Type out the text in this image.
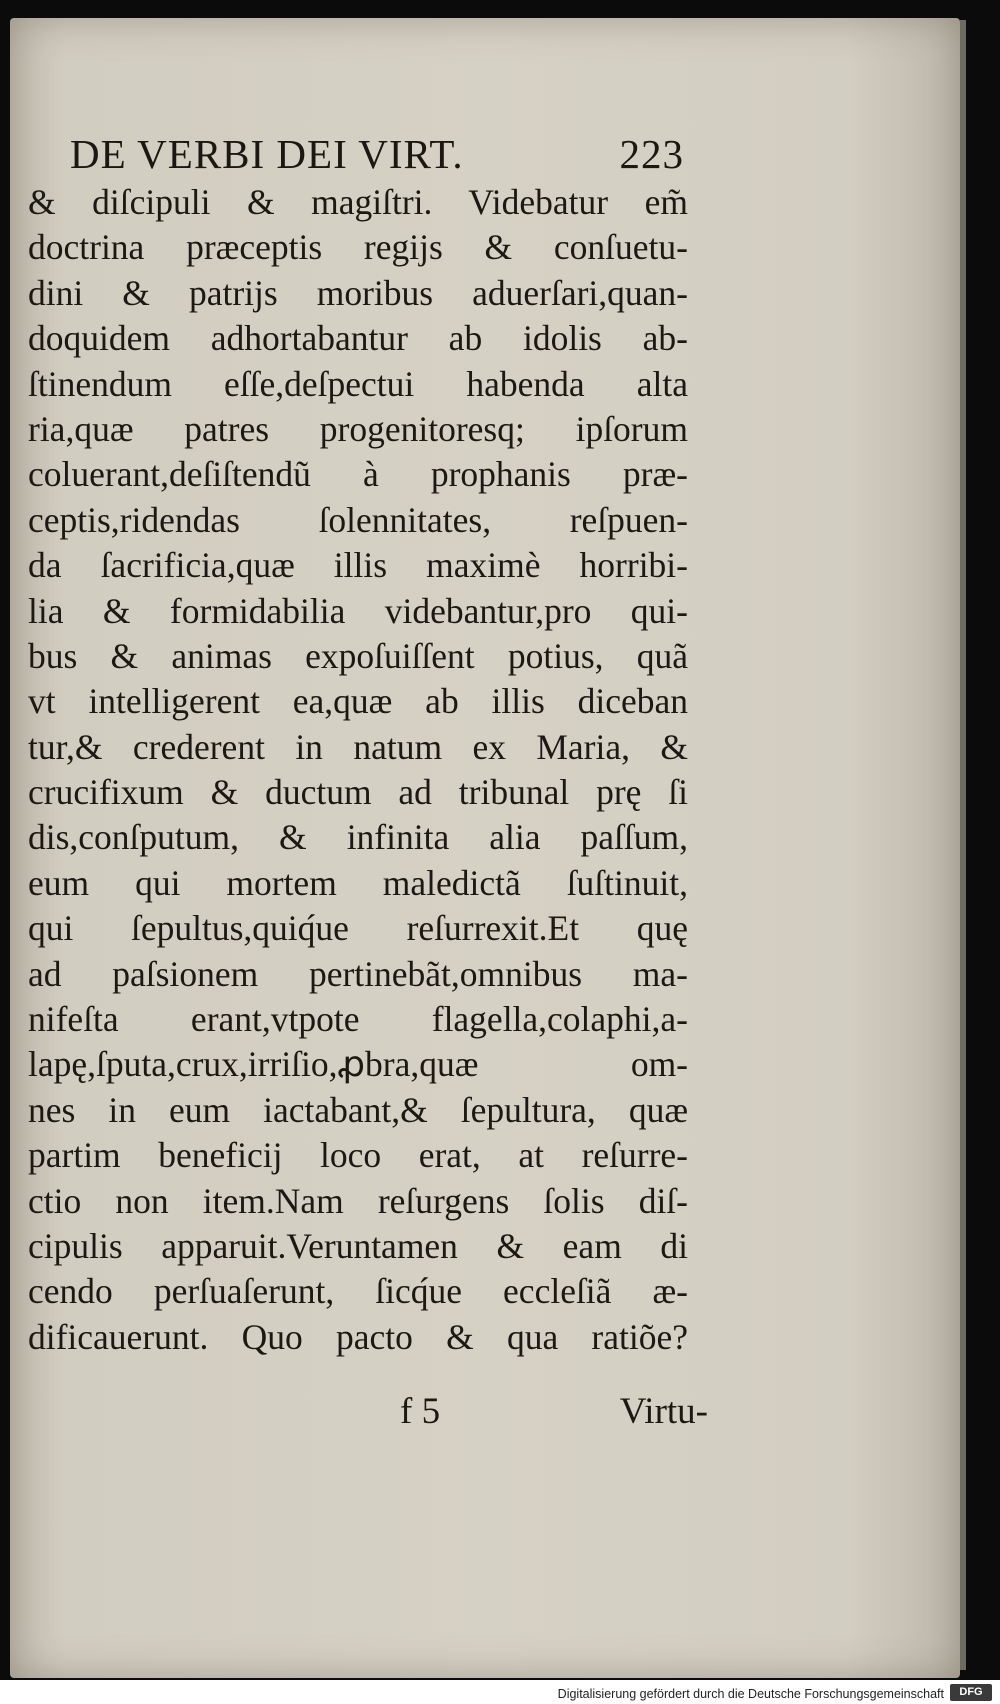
DE VERBI DEI VIRT.	223
& diſcipuli & magiſtri. Videbatur em̃
doctrina præceptis regijs & conſuetu-
dini & patrijs moribus aduerſari,quan-
doquidem adhortabantur ab idolis ab-
ſtinendum eſſe,deſpectui habenda alta
ria,quæ patres progenitoresq; ipſorum
coluerant,deſiſtendũ à prophanis præ-
ceptis,ridendas ſolennitates, reſpuen-
da ſacrificia,quæ illis maximè horribi-
lia & formidabilia videbantur,pro qui-
bus & animas expoſuiſſent potius, quã
vt intelligerent ea,quæ ab illis diceban
tur,& crederent in natum ex Maria, &
crucifixum & ductum ad tribunal prę ſi
dis,conſputum, & infinita alia paſſum,
eum qui mortem maledictã ſuſtinuit,
qui ſepultus,quiq́ue reſurrexit.Et quę
ad paſsionem pertinebãt,omnibus ma-
nifeſta erant,vtpote flagella,colaphi,a-
lapę,ſputa,crux,irriſio,ꝓbra,quæ om-
nes in eum iactabant,& ſepultura, quæ
partim beneficij loco erat, at reſurre-
ctio non item.Nam reſurgens ſolis diſ-
cipulis apparuit.Veruntamen & eam di
cendo perſuaſerunt, ſicq́ue eccleſiã æ-
dificauerunt. Quo pacto & qua ratiõe?
f 5	Virtu-
Digitalisierung gefördert durch die Deutsche Forschungsgemeinschaft	DFG
